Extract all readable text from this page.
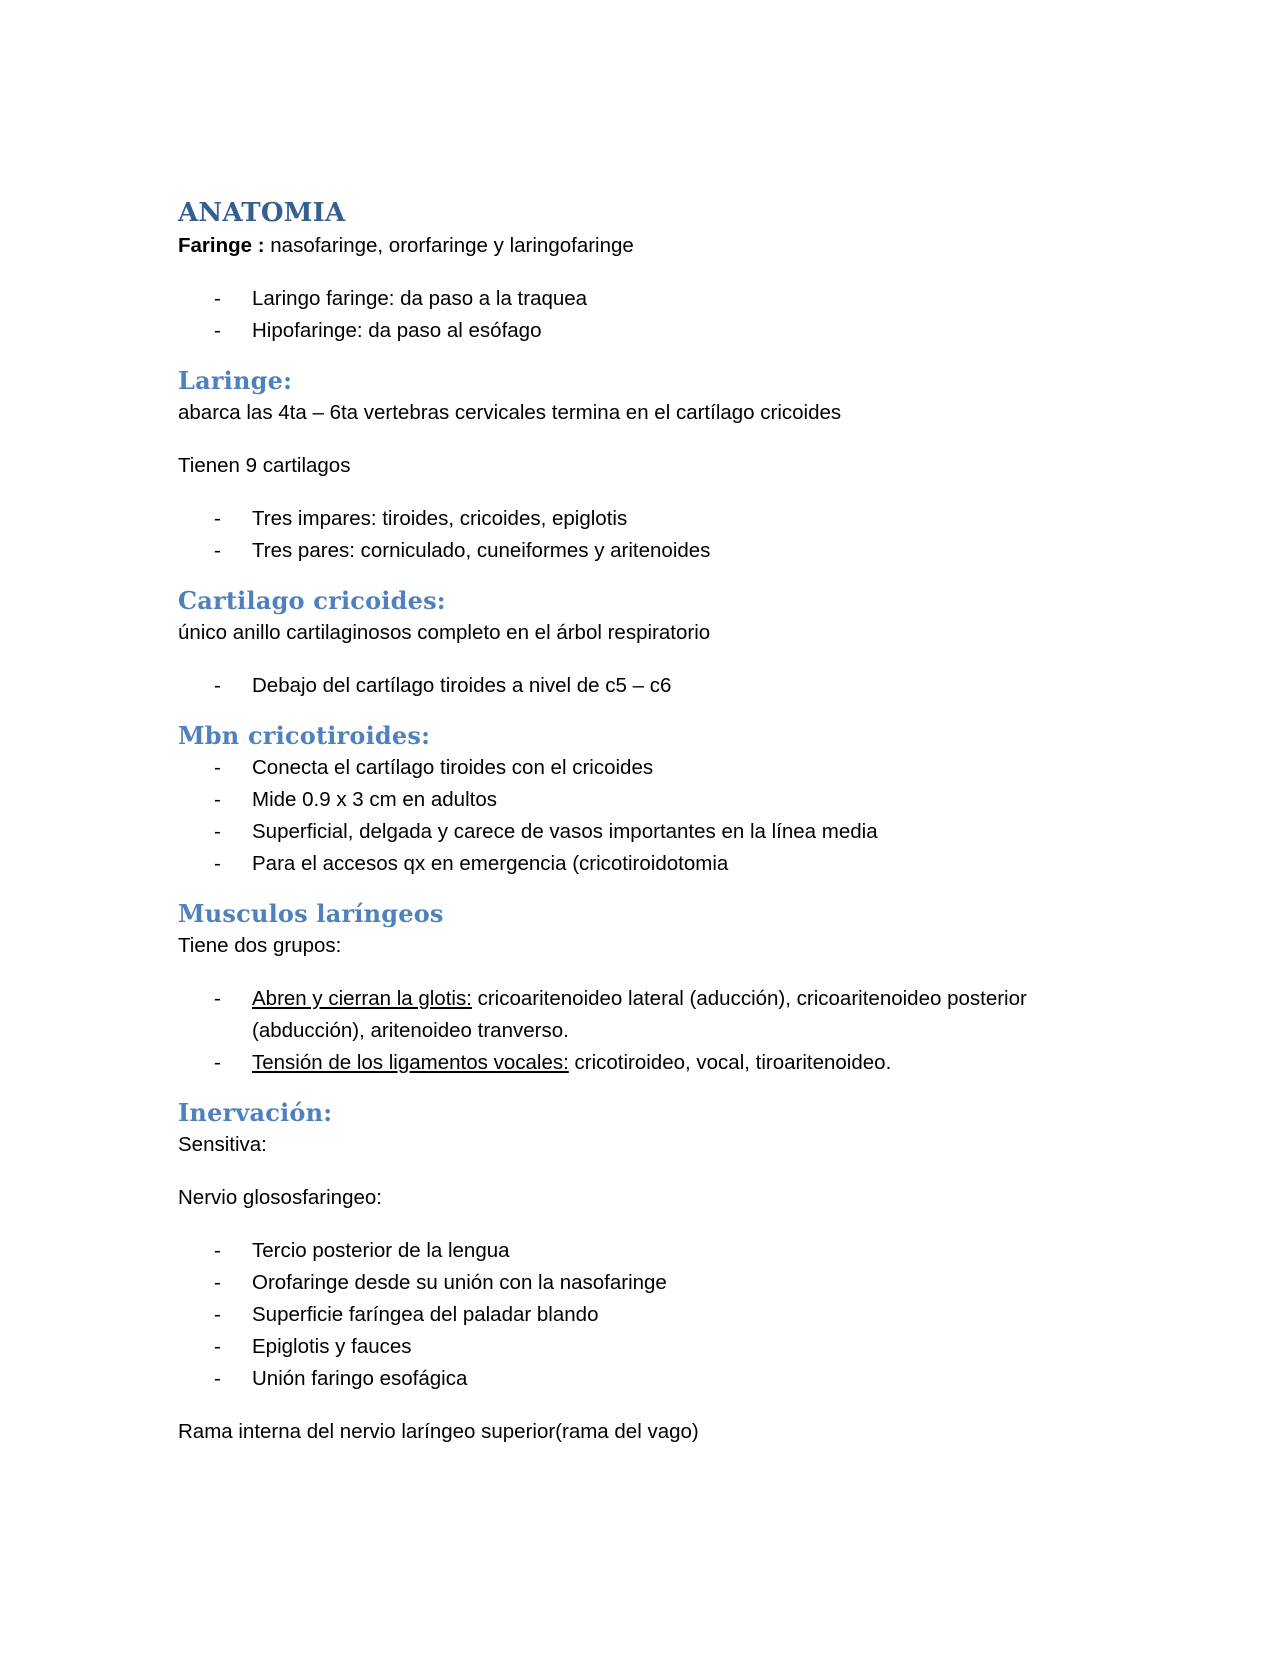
ANATOMIA

Faringe : nasofaringe, ororfaringe y laringofaringe

- Laringo faringe: da paso a la traquea
- Hipofaringe: da paso al esófago
Laringe:

abarca las 4ta – 6ta vertebras cervicales termina en el cartílago cricoides

Tienen 9 cartilagos

- Tres impares: tiroides, cricoides, epiglotis
- Tres pares: corniculado, cuneiformes y aritenoides
Cartilago cricoides:

único anillo cartilaginosos completo en el árbol respiratorio

- Debajo del cartílago tiroides a nivel de c5 – c6
Mbn cricotiroides:
- Conecta el cartílago tiroides con el cricoides
- Mide 0.9 x 3 cm en adultos
- Superficial, delgada y carece de vasos importantes en la línea media
- Para el accesos qx en emergencia (cricotiroidotomia
Musculos laríngeos

Tiene dos grupos:

- Abren y cierran la glotis: cricoaritenoideo lateral (aducción), cricoaritenoideo posterior (abducción), aritenoideo tranverso.
- Tensión de los ligamentos vocales: cricotiroideo, vocal, tiroaritenoideo.
Inervación:

Sensitiva:

Nervio glososfaringeo:

- Tercio posterior de la lengua
- Orofaringe desde su unión con la nasofaringe
- Superficie faríngea del paladar blando
- Epiglotis y fauces
- Unión faringo esofágica

Rama interna del nervio laríngeo superior(rama del vago)
